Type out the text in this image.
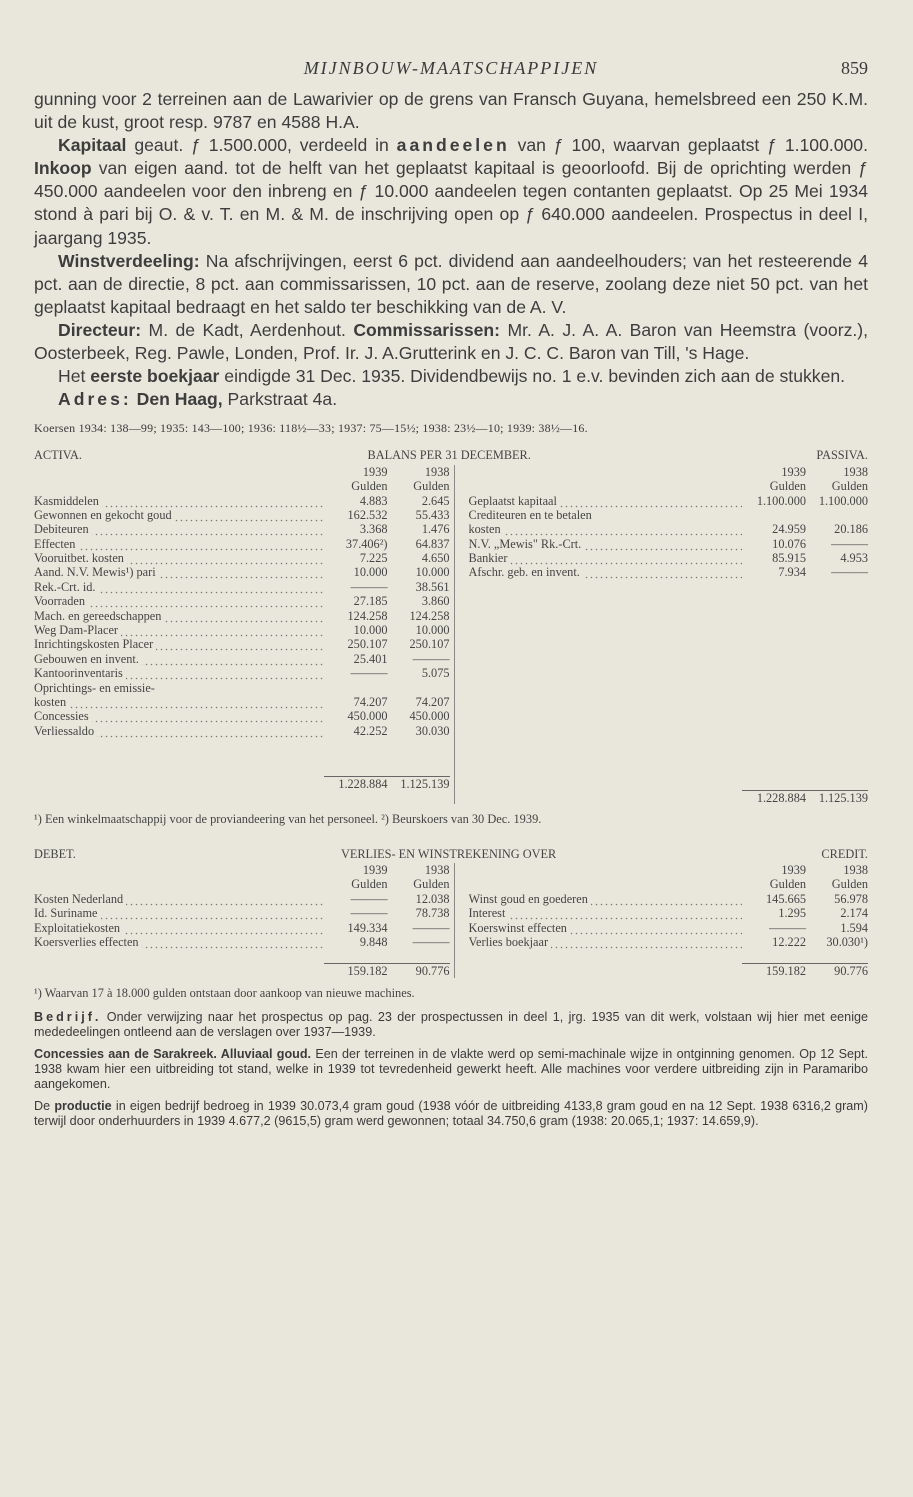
MIJNBOUW-MAATSCHAPPIJEN	859

gunning voor 2 terreinen aan de Lawarivier op de grens van Fransch Guyana, hemelsbreed een 250 K.M. uit de kust, groot resp. 9787 en 4588 H.A.

Kapitaal geaut. ƒ 1.500.000, verdeeld in aandeelen van ƒ 100, waarvan geplaatst ƒ 1.100.000. Inkoop van eigen aand. tot de helft van het geplaatst kapitaal is geoorloofd. Bij de oprichting werden ƒ 450.000 aandeelen voor den inbreng en ƒ 10.000 aandeelen tegen contanten geplaatst. Op 25 Mei 1934 stond à pari bij O. & v. T. en M. & M. de inschrijving open op ƒ 640.000 aandeelen. Prospectus in deel I, jaargang 1935.

Winstverdeeling: Na afschrijvingen, eerst 6 pct. dividend aan aandeelhouders; van het resteerende 4 pct. aan de directie, 8 pct. aan commissarissen, 10 pct. aan de reserve, zoolang deze niet 50 pct. van het geplaatst kapitaal bedraagt en het saldo ter beschikking van de A. V.

Directeur: M. de Kadt, Aerdenhout. Commissarissen: Mr. A. J. A. A. Baron van Heemstra (voorz.), Oosterbeek, Reg. Pawle, Londen, Prof. Ir. J. A.Grutterink en J. C. C. Baron van Till, 's Hage.

Het eerste boekjaar eindigde 31 Dec. 1935. Dividendbewijs no. 1 e.v. bevinden zich aan de stukken.

Adres: Den Haag, Parkstraat 4a.

Koersen 1934: 138—99; 1935: 143—100; 1936: 118½—33; 1937: 75—15½; 1938: 23½—10; 1939: 38½—16.
ACTIVA.	BALANS PER 31 DECEMBER.	PASSIVA.
1939	1938
Gulden	Gulden
Kasmiddelen	4.883	2.645
Gewonnen en gekocht goud	162.532	55.433
Debiteuren	3.368	1.476
Effecten	37.406²)	64.837
Vooruitbet. kosten	7.225	4.650
Aand. N.V. Mewis¹) pari	10.000	10.000
Rek.-Crt. id.	———	38.561
Voorraden	27.185	3.860
Mach. en gereedschappen	124.258	124.258
Weg Dam-Placer	10.000	10.000
Inrichtingskosten Placer	250.107	250.107
Gebouwen en invent.	25.401	———
Kantoorinventaris	———	5.075
Oprichtings- en emissie-
kosten	74.207	74.207
Concessies	450.000	450.000
Verliessaldo	42.252	30.030
1.228.884	1.125.139
1939	1938
Gulden	Gulden
Geplaatst kapitaal	1.100.000	1.100.000
Crediteuren en te betalen
kosten	24.959	20.186
N.V. „Mewis" Rk.-Crt.	10.076	———
Bankier	85.915	4.953
Afschr. geb. en invent.	7.934	———
1.228.884	1.125.139
¹) Een winkelmaatschappij voor de proviandeering van het personeel. ²) Beurskoers van 30 Dec. 1939.
DEBET.	VERLIES- EN WINSTREKENING OVER	CREDIT.
1939	1938
Gulden	Gulden
Kosten Nederland	———	12.038
Id. Suriname	———	78.738
Exploitatiekosten	149.334	———
Koersverlies effecten	9.848	———
159.182	90.776
1939	1938
Gulden	Gulden
Winst goud en goederen	145.665	56.978
Interest	1.295	2.174
Koerswinst effecten	———	1.594
Verlies boekjaar	12.222	30.030¹)
159.182	90.776
¹) Waarvan 17 à 18.000 gulden ontstaan door aankoop van nieuwe machines.

Bedrijf. Onder verwijzing naar het prospectus op pag. 23 der prospectussen in deel 1, jrg. 1935 van dit werk, volstaan wij hier met eenige mededeelingen ontleend aan de verslagen over 1937—1939.

Concessies aan de Sarakreek. Alluviaal goud. Een der terreinen in de vlakte werd op semi-machinale wijze in ontginning genomen. Op 12 Sept. 1938 kwam hier een uitbreiding tot stand, welke in 1939 tot tevredenheid gewerkt heeft. Alle machines voor verdere uitbreiding zijn in Paramaribo aangekomen.

De productie in eigen bedrijf bedroeg in 1939 30.073,4 gram goud (1938 vóór de uitbreiding 4133,8 gram goud en na 12 Sept. 1938 6316,2 gram) terwijl door onderhuurders in 1939 4.677,2 (9615,5) gram werd gewonnen; totaal 34.750,6 gram (1938: 20.065,1; 1937: 14.659,9).
